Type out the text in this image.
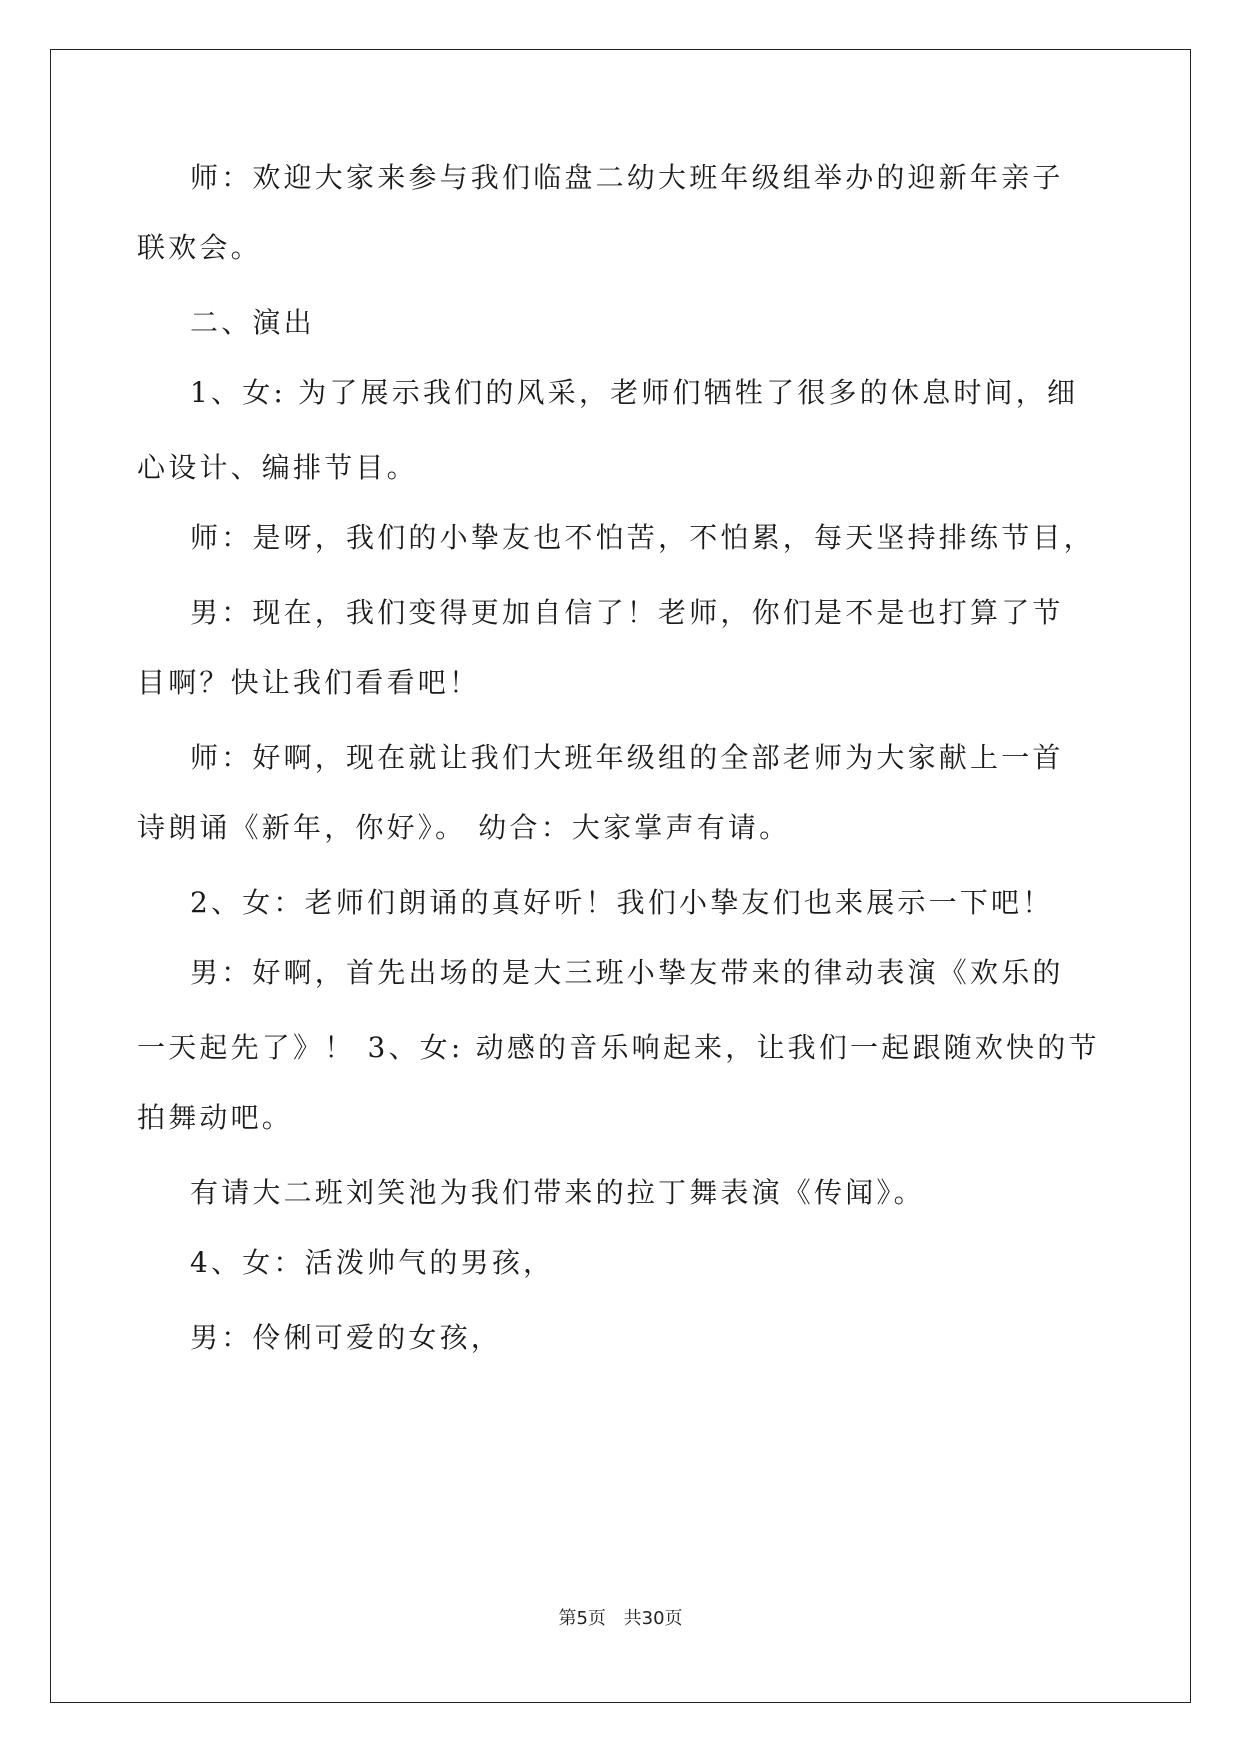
师：欢迎大家来参与我们临盘二幼大班年级组举办的迎新年亲子
联欢会。
二、演出
1、女: 为了展示我们的风采，老师们牺牲了很多的休息时间，细
心设计、编排节目。
师：是呀，我们的小挚友也不怕苦，不怕累，每天坚持排练节目，
男：现在，我们变得更加自信了！老师，你们是不是也打算了节
目啊？快让我们看看吧！
师：好啊，现在就让我们大班年级组的全部老师为大家献上一首
诗朗诵《新年，你好》。 幼合：大家掌声有请。
2、女：老师们朗诵的真好听！我们小挚友们也来展示一下吧！
男：好啊，首先出场的是大三班小挚友带来的律动表演《欢乐的
一天起先了》！ 3、女: 动感的音乐响起来，让我们一起跟随欢快的节
拍舞动吧。
有请大二班刘笑池为我们带来的拉丁舞表演《传闻》。
4、女：活泼帅气的男孩，
男：伶俐可爱的女孩，
第5页 共30页
